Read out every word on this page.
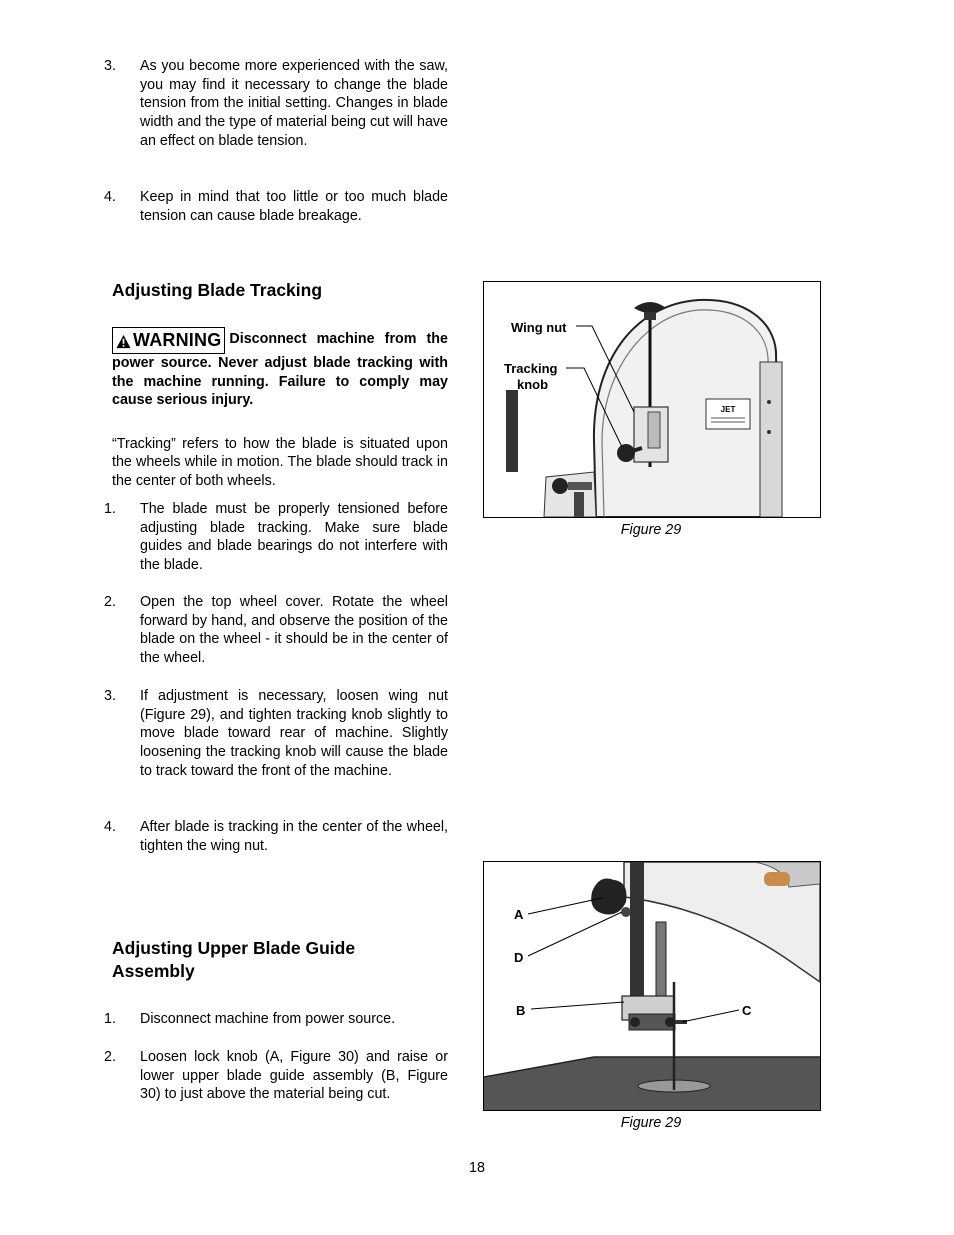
3.	As you become more experienced with the saw, you may find it necessary to change the blade tension from the initial setting. Changes in blade width and the type of material being cut will have an effect on blade tension.
4.	Keep in mind that too little or too much blade tension can cause blade breakage.
Adjusting Blade Tracking
WARNING Disconnect machine from the power source. Never adjust blade tracking with the machine running. Failure to comply may cause serious injury.
“Tracking” refers to how the blade is situated upon the wheels while in motion. The blade should track in the center of both wheels.
1.	The blade must be properly tensioned before adjusting blade tracking. Make sure blade guides and blade bearings do not interfere with the blade.
2.	Open the top wheel cover. Rotate the wheel forward by hand, and observe the position of the blade on the wheel - it should be in the center of the wheel.
3.	If adjustment is necessary, loosen wing nut (Figure 29), and tighten tracking knob slightly to move blade toward rear of machine. Slightly loosening the tracking knob will cause the blade to track toward the front of the machine.
4.	After blade is tracking in the center of the wheel, tighten the wing nut.
Adjusting Upper Blade Guide
Assembly
1.	Disconnect machine from power source.
2.	Loosen lock knob (A, Figure 30) and raise or lower upper blade guide assembly (B, Figure 30) to just above the material being cut.
JET
Wing nut
Tracking
knob
Figure 29
A
D
B	C
Figure 29
18
